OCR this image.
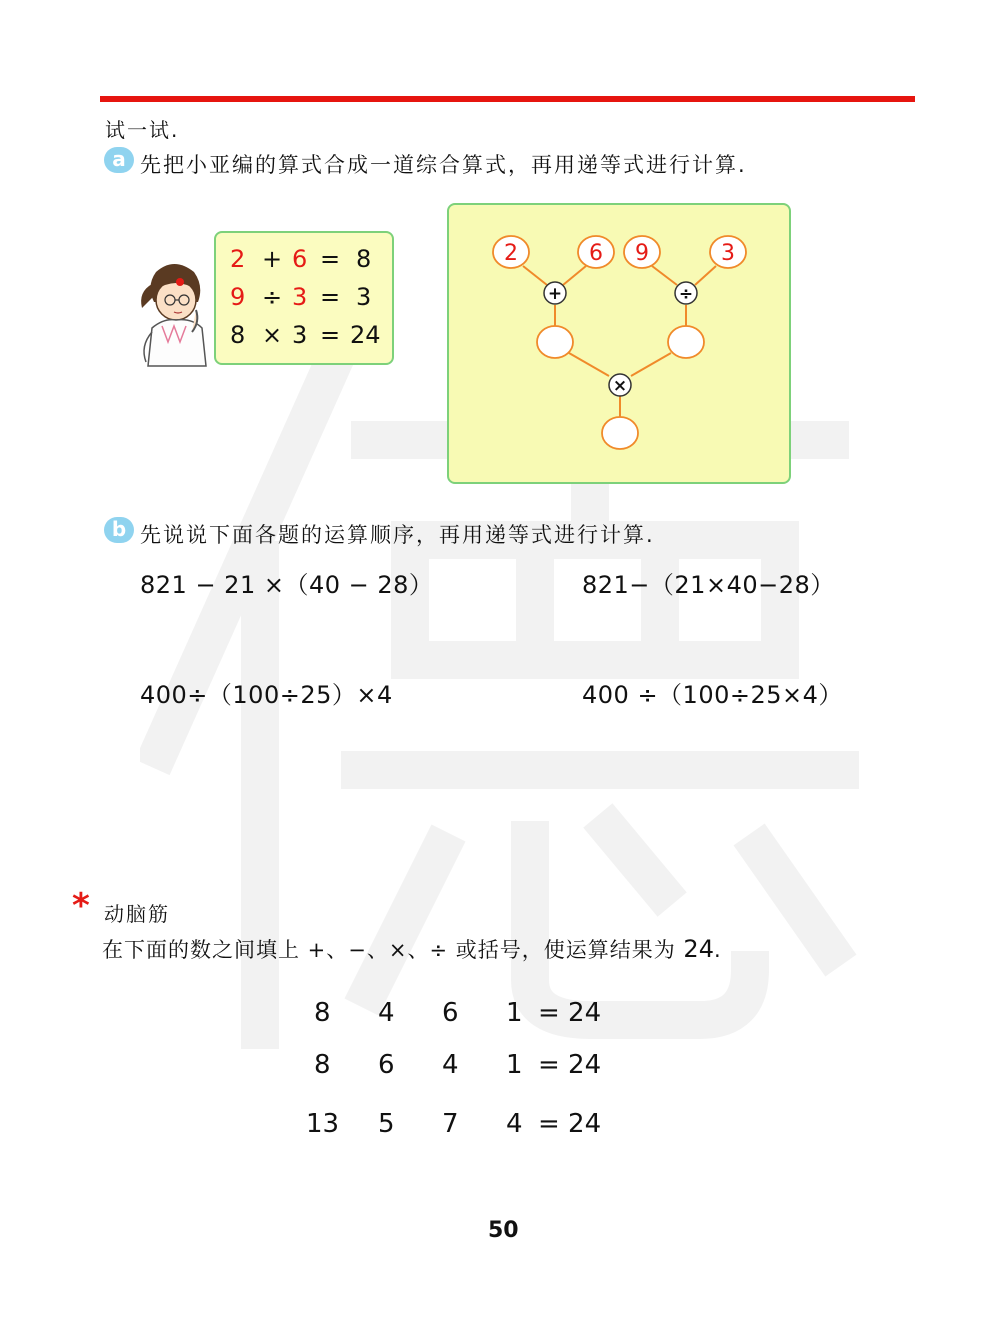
试一试.
a 先把小亚编的算式合成一道综合算式，再用递等式进行计算.
2 + 6 = 8
9 ÷ 3 = 3
8 × 3 = 24
2	6 9	3
+	÷
×
b 先说说下面各题的运算顺序，再用递等式进行计算.
821 − 21 ×（40 − 28）	821−（21×40−28）
400÷（100÷25）×4	400 ÷（100÷25×4）
* 动脑筋
在下面的数之间填上 +、−、×、÷ 或括号，使运算结果为 24.
8 4 6 1 = 24
8 6 4 1 = 24
13 5 7 4 = 24
50
